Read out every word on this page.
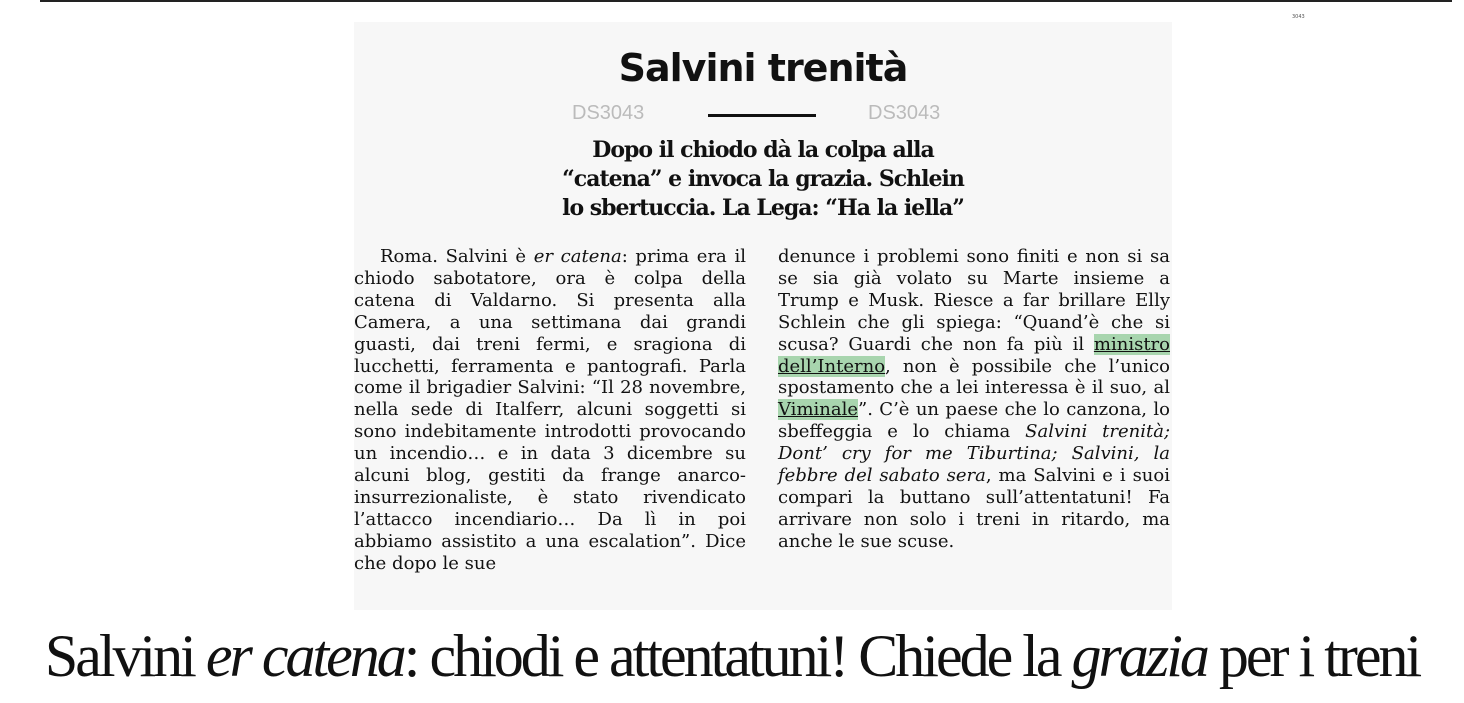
3043
Salvini trenità
DS3043	DS3043
Dopo il chiodo dà la colpa alla
“catena” e invoca la grazia. Schlein
lo sbertuccia. La Lega: “Ha la iella”

Roma. Salvini è er catena: prima era il chiodo sabotatore, ora è colpa della catena di Valdarno. Si presenta alla Camera, a una settimana dai grandi guasti, dai treni fermi, e sragiona di lucchetti, ferramenta e pantografi. Parla come il brigadier Salvini: “Il 28 novembre, nella sede di Italferr, alcuni soggetti si sono indebitamente introdotti provocando un incendio… e in data 3 dicembre su alcuni blog, gestiti da frange anarco-insurrezionaliste, è stato rivendicato l’attacco incendiario… Da lì in poi abbiamo assistito a una escalation”. Dice che dopo le sue

denunce i problemi sono finiti e non si sa se sia già volato su Marte insieme a Trump e Musk. Riesce a far brillare Elly Schlein che gli spiega: “Quand’è che si scusa? Guardi che non fa più il ministro dell’Interno, non è possibile che l’unico spostamento che a lei interessa è il suo, al Viminale”. C’è un paese che lo canzona, lo sbeffeggia e lo chiama Salvini trenità; Dont’ cry for me Tiburtina; Salvini, la febbre del sabato sera, ma Salvini e i suoi compari la buttano sull’attentatuni! Fa arrivare non solo i treni in ritardo, ma anche le sue scuse.

Salvini er catena: chiodi e attentatuni! Chiede la grazia per i treni
